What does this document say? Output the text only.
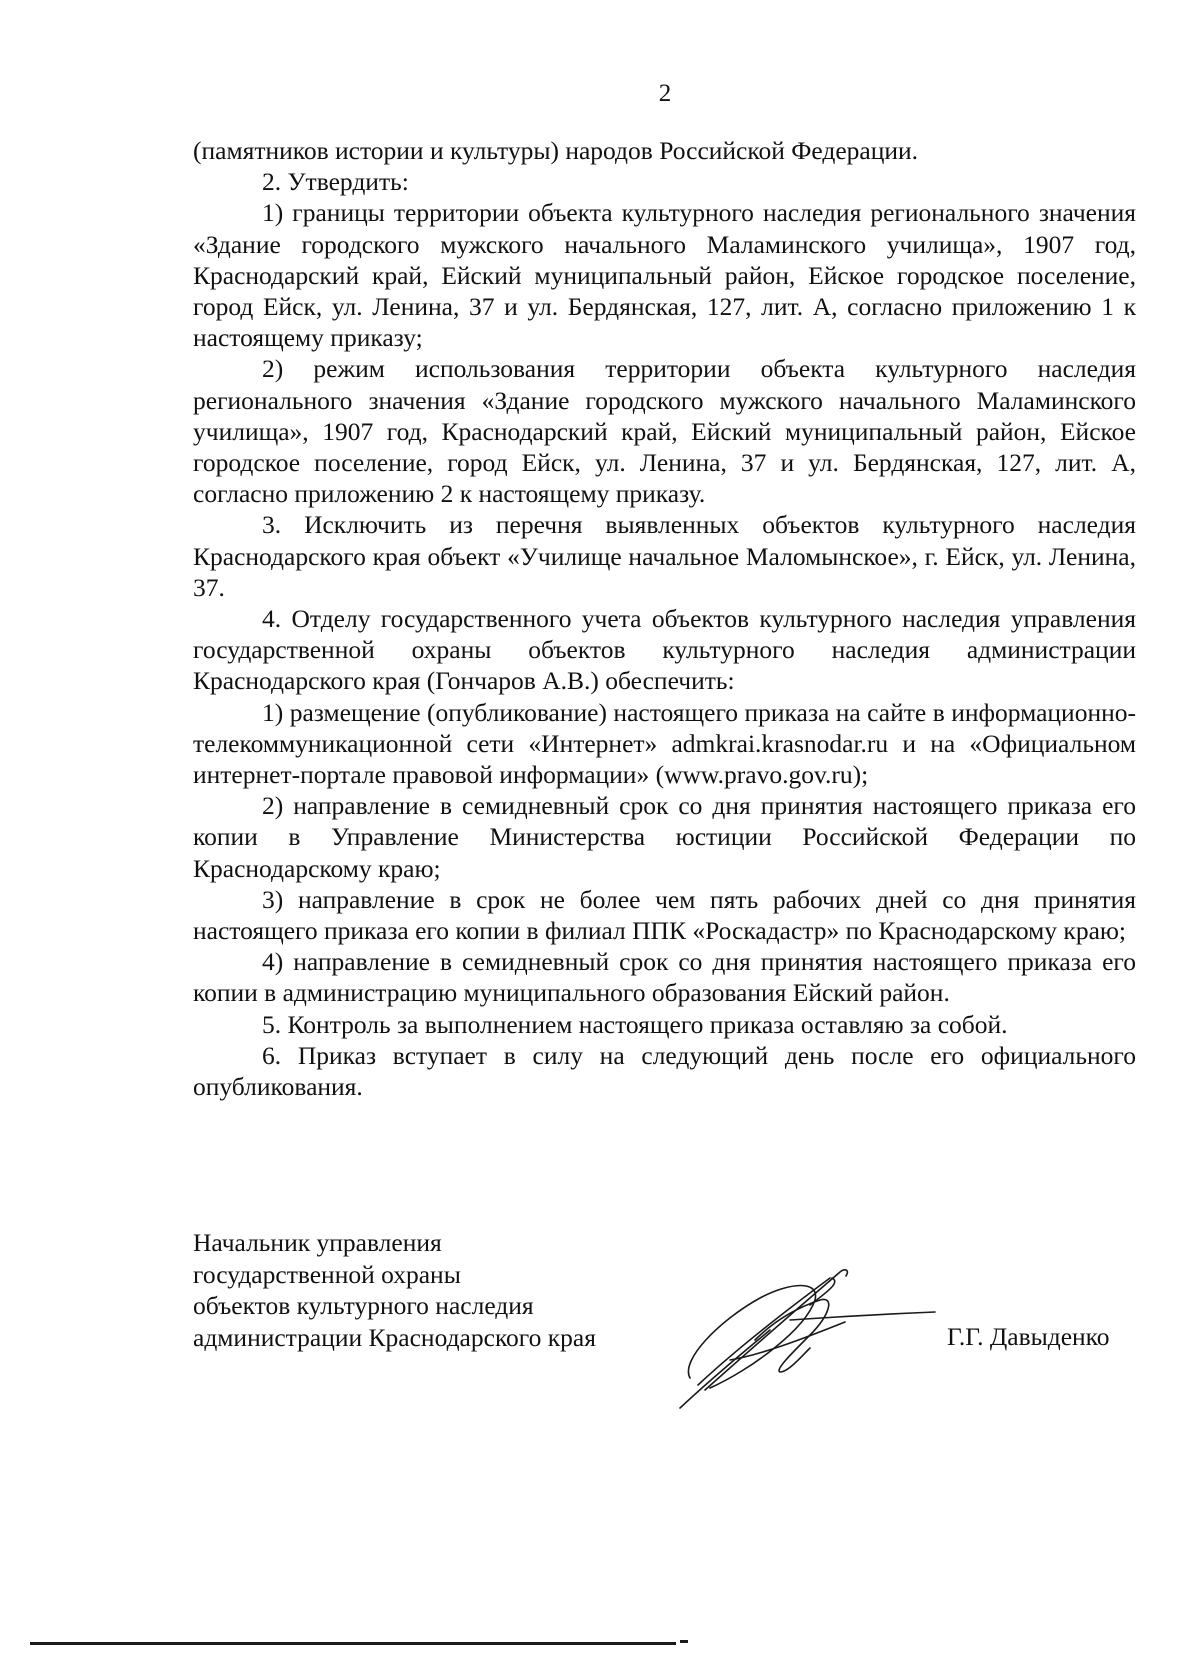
2

(памятников истории и культуры) народов Российской Федерации.

2. Утвердить:

1) границы территории объекта культурного наследия регионального значения «Здание городского мужского начального Маламинского училища», 1907 год, Краснодарский край, Ейский муниципальный район, Ейское городское поселение, город Ейск, ул. Ленина, 37 и ул. Бердянская, 127, лит. А, согласно приложению 1 к настоящему приказу;

2) режим использования территории объекта культурного наследия регионального значения «Здание городского мужского начального Маламинского училища», 1907 год, Краснодарский край, Ейский муниципальный район, Ейское городское поселение, город Ейск, ул. Ленина, 37 и ул. Бердянская, 127, лит. А, согласно приложению 2 к настоящему приказу.

3. Исключить из перечня выявленных объектов культурного наследия Краснодарского края объект «Училище начальное Маломынское», г. Ейск, ул. Ленина, 37.

4. Отделу государственного учета объектов культурного наследия управления государственной охраны объектов культурного наследия администрации Краснодарского края (Гончаров А.В.) обеспечить:

1) размещение (опубликование) настоящего приказа на сайте в информационно-телекоммуникационной сети «Интернет» admkrai.krasnodar.ru и на «Официальном интернет-портале правовой информации» (www.pravo.gov.ru);

2) направление в семидневный срок со дня принятия настоящего приказа его копии в Управление Министерства юстиции Российской Федерации по Краснодарскому краю;

3) направление в срок не более чем пять рабочих дней со дня принятия настоящего приказа его копии в филиал ППК «Роскадастр» по Краснодарскому краю;

4) направление в семидневный срок со дня принятия настоящего приказа его копии в администрацию муниципального образования Ейский район.

5. Контроль за выполнением настоящего приказа оставляю за собой.

6. Приказ вступает в силу на следующий день после его официального опубликования.

Начальник управления
государственной охраны
объектов культурного наследия
администрации Краснодарского края	Г.Г. Давыденко
